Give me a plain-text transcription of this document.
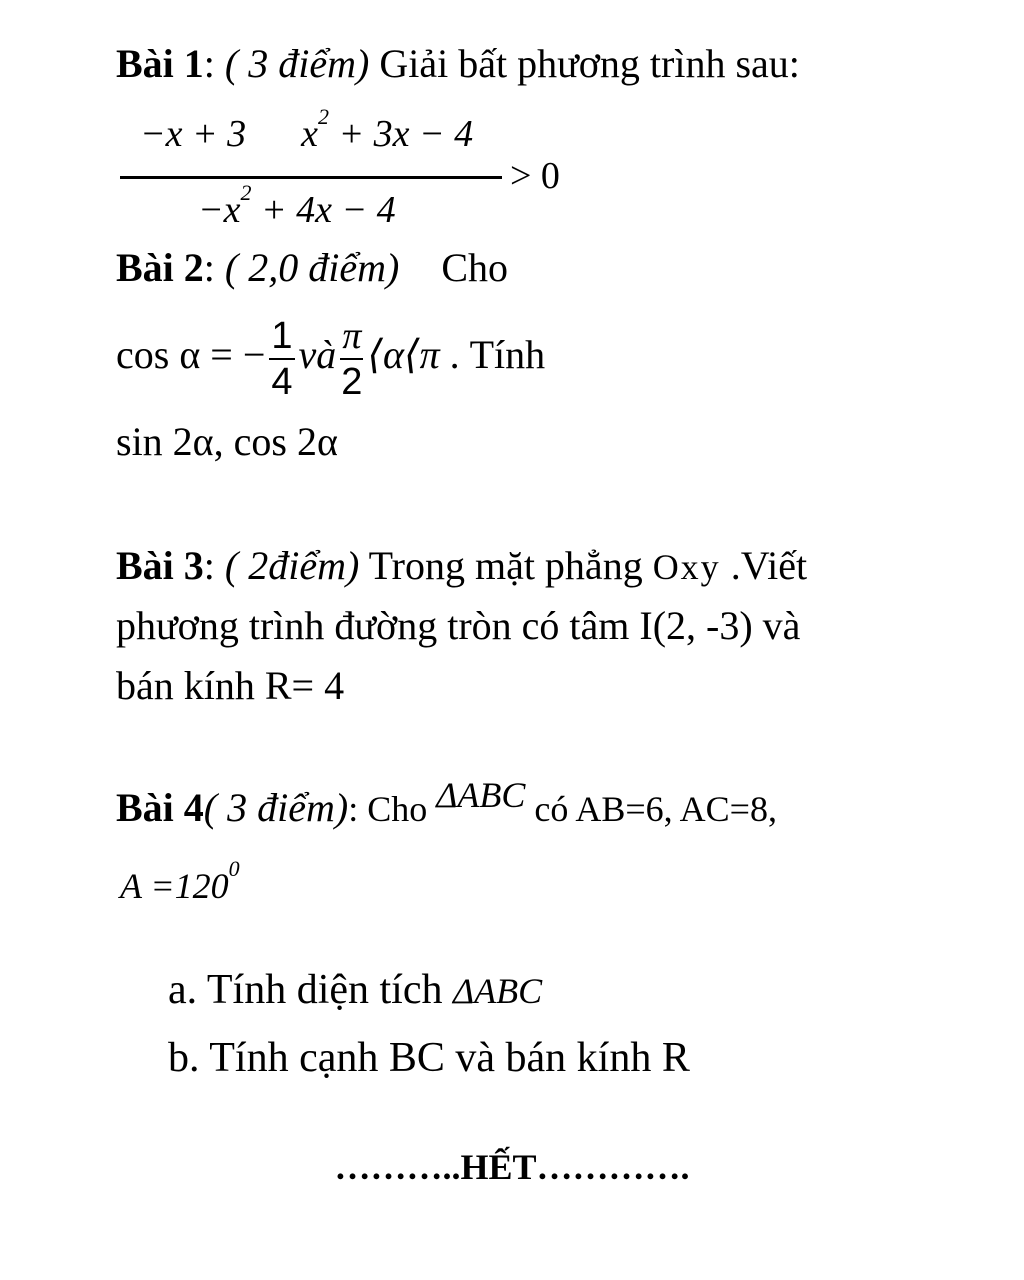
Bài 1: ( 3 điểm) Giải bất phương trình sau:
−x + 3 $x^2 + 3x - 4$
> 0
$-x^2 + 4x - 4$
Bài 2: ( 2,0 điểm) Cho
cos α = − $\frac{1}{4}$ và $\frac{\pi}{2}$ ⟨α⟨π . Tính
sin 2α, cos 2α
Bài 3: ( 2điểm) Trong mặt phẳng Oxy .Viết
phương trình đường tròn có tâm I(2, -3) và
bán kính R= 4
Bài 4( 3 điểm): Cho ΔABC có AB=6, AC=8,
$A =120^0$
a. Tính diện tích ΔABC
b. Tính cạnh BC và bán kính R
………..HẾT………….
